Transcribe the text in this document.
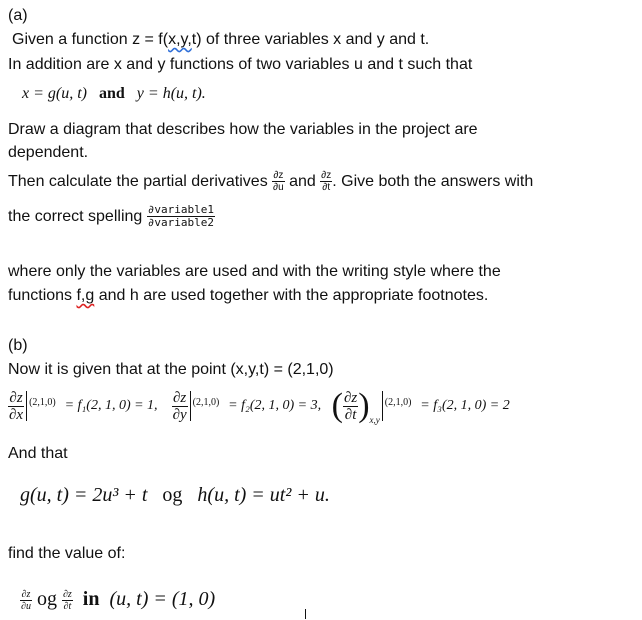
(a)
Given a function z = f(x,y,t) of three variables x and y and t.
In addition are x and y functions of two variables u and t such that
x = g(u, t) and y = h(u, t).
Draw a diagram that describes how the variables in the project are
dependent.
Then calculate the partial derivatives $\frac{\partial z}{\partial u}$ and $\frac{\partial z}{\partial t}$ . Give both the answers with
the correct spelling $\frac{\text{∂variable1}}{\text{∂variable2}}$
where only the variables are used and with the writing style where the
functions f,g and h are used together with the appropriate footnotes.
(b)
Now it is given that at the point (x,y,t) = (2,1,0)
$\frac{\partial z}{\partial x} (2,1,0) = f_1(2$, 1, 0) = 1, $\frac{\partial z}{\partial y} (2,1,0) = f_2(2$, 1, 0) = 3, ( $\frac{\partial z}{\partial t} )_{x,y}$
(2,1,0) = f₃(2, 1, 0) = 2
And that
g(u, t) = 2u³ + t og h(u, t) = ut² + u.
find the value of:
$\frac{\partial z}{\partial u}$ og $\frac{\partial z}{\partial t}$ in (u, t) = (1, 0)
